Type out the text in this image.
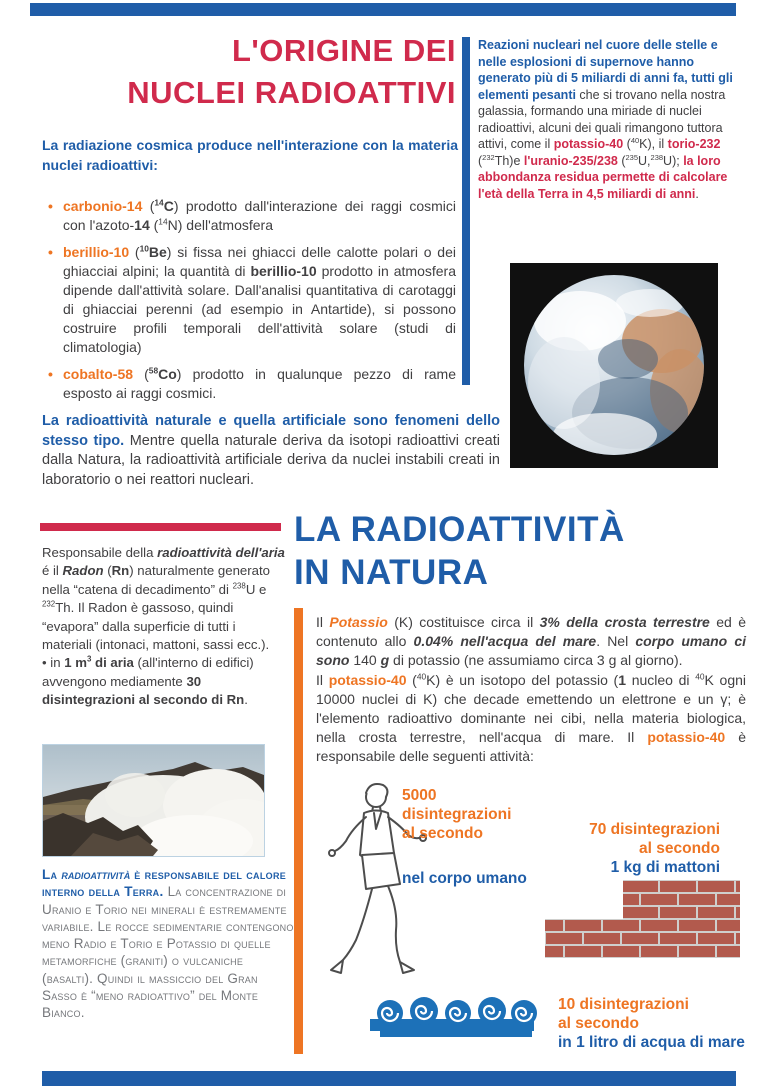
L'ORIGINE DEI
NUCLEI RADIOATTIVI
Reazioni nucleari nel cuore delle stelle e nelle esplosioni di supernove hanno generato più di 5 miliardi di anni fa, tutti gli elementi pesanti che si trovano nella nostra galassia, formando una miriade di nuclei radioattivi, alcuni dei quali rimangono tuttora attivi, come il potassio-40 ($^{40}$K), il torio-232 ($^{232}$Th)e l'uranio-235/238 ($^{235}$U,$^{238}$U); la loro abbondanza residua permette di calcolare l'età della Terra in 4,5 miliardi di anni.
La radiazione cosmica produce nell'interazione con la materia nuclei radioattivi:
• carbonio-14 ($^{14}$C) prodotto dall'interazione dei raggi cosmici con l'azoto-14 ($^{14}$N) dell'atmosfera
• berillio-10 ($^{10}$Be) si fissa nei ghiacci delle calotte polari o dei ghiacciai alpini; la quantità di berillio-10 prodotto in atmosfera dipende dall'attività solare. Dall'analisi quantitativa di carotaggi di ghiacciai perenni (ad esempio in Antartide), si possono costruire profili temporali dell'attività solare (studi di climatologia)
• cobalto-58 ($^{58}$Co) prodotto in qualunque pezzo di rame esposto ai raggi cosmici.
La radioattività naturale e quella artificiale sono fenomeni dello stesso tipo. Mentre quella naturale deriva da isotopi radioattivi creati dalla Natura, la radioattività artificiale deriva da nuclei instabili creati in laboratorio o nei reattori nucleari.
Responsabile della radioattività dell'aria é il Radon (Rn) naturalmente generato nella “catena di decadimento” di $^{238}$U e $^{232}$Th. Il Radon è gassoso, quindi “evapora” dalla superficie di tutti i materiali (intonaci, mattoni, sassi ecc.).
• in 1 $m^3$ di aria (all'interno di edifici) avvengono mediamente 30 disintegrazioni al secondo di Rn.
La radioattività è responsabile del calore interno della Terra. La concentrazione di Uranio e Torio nei minerali è estremamente variabile. Le rocce sedimentarie contengono meno Radio e Torio e Potassio di quelle metamorfiche (graniti) o vulcaniche (basalti). Quindi il massiccio del Gran Sasso è “meno radioattivo” del Monte Bianco.
LA RADIOATTIVITÀ
IN NATURA
Il Potassio (K) costituisce circa il 3% della crosta terrestre ed è contenuto allo 0.04% nell'acqua del mare. Nel corpo umano ci sono 140 g di potassio (ne assumiamo circa 3 g al giorno).
Il potassio-40 ($^{40}$K) è un isotopo del potassio (1 nucleo di $^{40}$K ogni 10000 nuclei di K) che decade emettendo un elettrone e un γ; è l'elemento radioattivo dominante nei cibi, nella materia biologica, nella crosta terrestre, nell'acqua di mare. Il potassio-40 è responsabile delle seguenti attività:
5000
disintegrazioni
al secondo
nel corpo umano
70 disintegrazioni
al secondo
1 kg di mattoni
10 disintegrazioni
al secondo
in 1 litro di acqua di mare
